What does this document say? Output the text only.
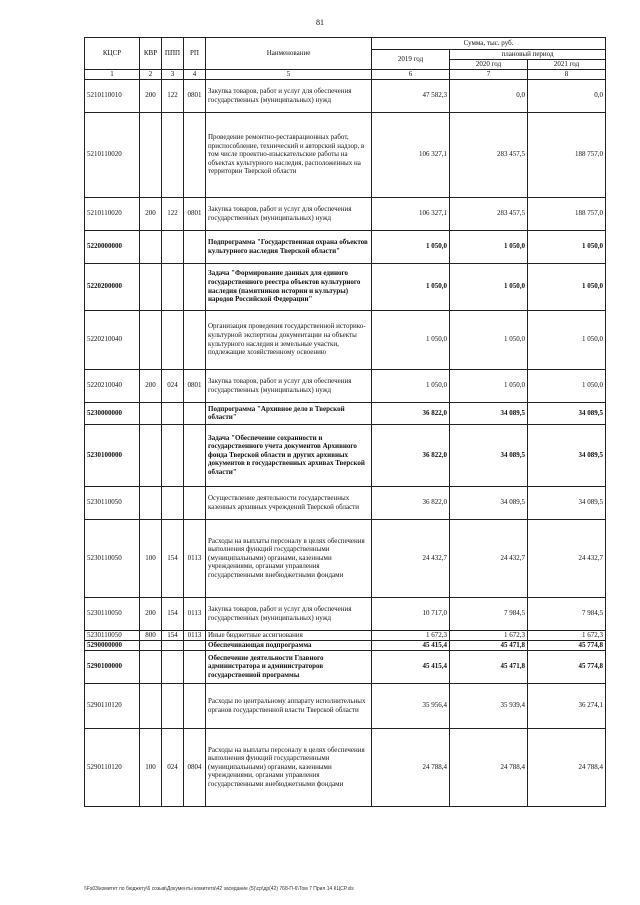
81
КЦСР	КВР	ППП	РП	Наименование	Сумма, тыс. руб.		
					2019 год	плановый период	
						2020 год	2021 год
1	2	3	4	5	6	7	8
5210110010	200	122	0801	Закупка товаров, работ и услуг для обеспечения государственных (муниципальных) нужд	47 582,3	0,0	0,0
5210110020				Проведение ремонтно-реставрационных работ, приспособление, технический и авторский надзор, в том числе проектно-изыскательские работы на объектах культурного наследия, расположенных на территории Тверской области	106 327,1	283 457,5	188 757,0
5210110020	200	122	0801	Закупка товаров, работ и услуг для обеспечения государственных (муниципальных) нужд	106 327,1	283 457,5	188 757,0
5220000000				Подпрограмма "Государственная охрана объектов культурного наследия Тверской области"	1 050,0	1 050,0	1 050,0
5220200000				Задача "Формирование данных для единого государственного реестра объектов культурного наследия (памятников истории и культуры) народов Российской Федерации"	1 050,0	1 050,0	1 050,0
5220210040				Организация проведения государственной историко-культурной экспертизы документации на объекты культурного наследия и земельные участки, подлежащие хозяйственному освоению	1 050,0	1 050,0	1 050,0
5220210040	200	024	0801	Закупка товаров, работ и услуг для обеспечения государственных (муниципальных) нужд	1 050,0	1 050,0	1 050,0
5230000000				Подпрограмма "Архивное дело в Тверской области"	36 822,0	34 089,5	34 089,5
5230100000				Задача "Обеспечение сохранности и государственного учета документов Архивного фонда Тверской области и других архивных документов в государственных архивах Тверской области"	36 822,0	34 089,5	34 089,5
5230110050				Осуществление деятельности государственных казенных архивных учреждений Тверской области	36 822,0	34 089,5	34 089,5
5230110050	100	154	0113	Расходы на выплаты персоналу в целях обеспечения выполнения функций государственными (муниципальными) органами, казенными учреждениями, органами управления государственными внебюджетными фондами	24 432,7	24 432,7	24 432,7
5230110050	200	154	0113	Закупка товаров, работ и услуг для обеспечения государственных (муниципальных) нужд	10 717,0	7 984,5	7 984,5
5230110050	800	154	0113	Иные бюджетные ассигнования	1 672,3	1 672,3	1 672,3
5290000000				Обеспечивающая подпрограмма	45 415,4	45 471,8	45 774,8
5290100000				Обеспечение деятельности Главного администратора и администраторов государственной программы	45 415,4	45 471,8	45 774,8
5290110120				Расходы по центральному аппарату исполнительных органов государственной власти Тверской области	35 956,4	35 939,4	36 274,1
5290110120	100	024	0804	Расходы на выплаты персоналу в целях обеспечения выполнения функций государственными (муниципальными) органами, казенными учреждениями, органами управления государственными внебюджетными фондами	24 788,4	24 788,4	24 788,4
\\Fs03\комитет по бюджету\6 созыв\Документы комитета\42 заседание (5)\ср\др(42) 768-П-6\Том 7 Прил 14 КЦСР.xls
